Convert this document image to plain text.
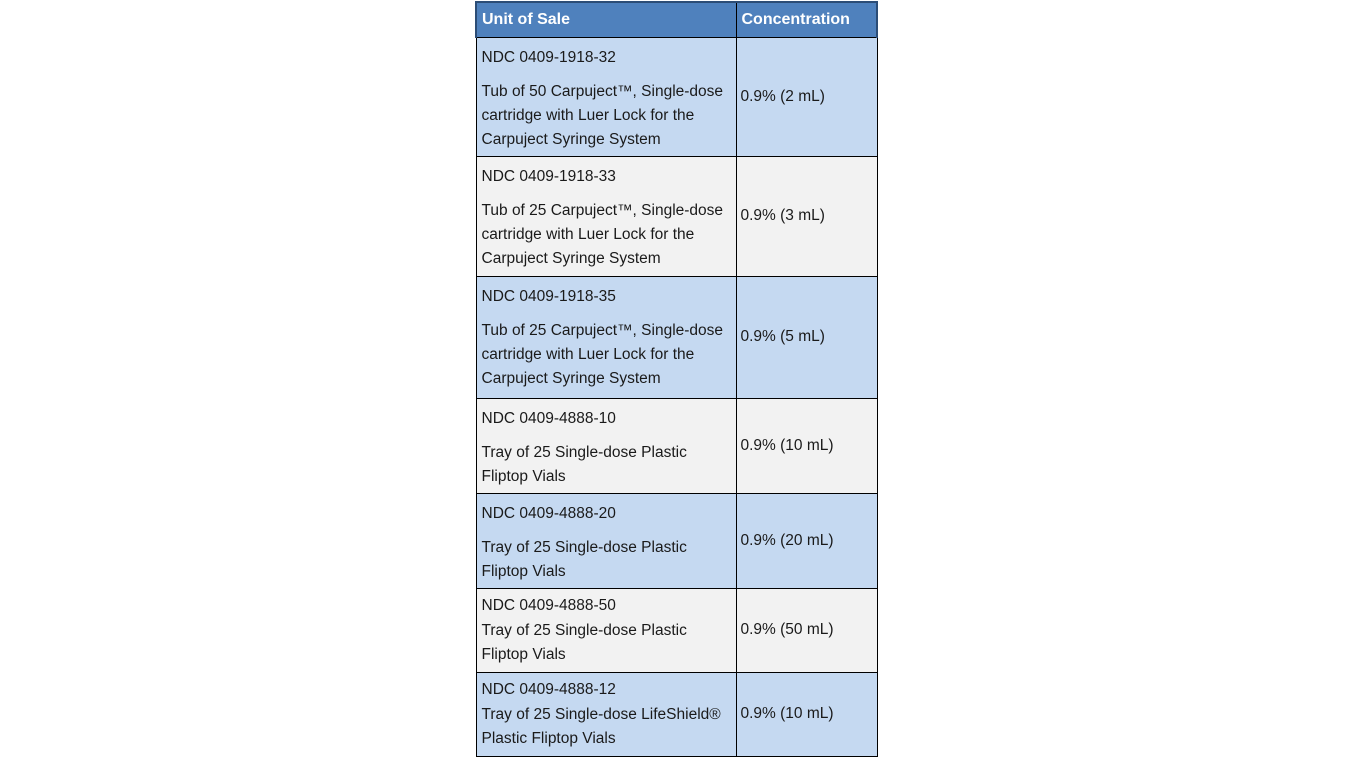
Unit of Sale	Concentration

NDC 0409-1918-32

Tub of 50 Carpuject™, Single-dose cartridge with Luer Lock for the Carpuject Syringe System	0.9% (2 mL)

NDC 0409-1918-33

Tub of 25 Carpuject™, Single-dose cartridge with Luer Lock for the Carpuject Syringe System	0.9% (3 mL)

NDC 0409-1918-35

Tub of 25 Carpuject™, Single-dose cartridge with Luer Lock for the Carpuject Syringe System	0.9% (5 mL)

NDC 0409-4888-10

Tray of 25 Single-dose Plastic Fliptop Vials	0.9% (10 mL)

NDC 0409-4888-20

Tray of 25 Single-dose Plastic Fliptop Vials	0.9% (20 mL)

NDC 0409-4888-50

Tray of 25 Single-dose Plastic Fliptop Vials	0.9% (50 mL)

NDC 0409-4888-12

Tray of 25 Single-dose LifeShield® Plastic Fliptop Vials	0.9% (10 mL)
